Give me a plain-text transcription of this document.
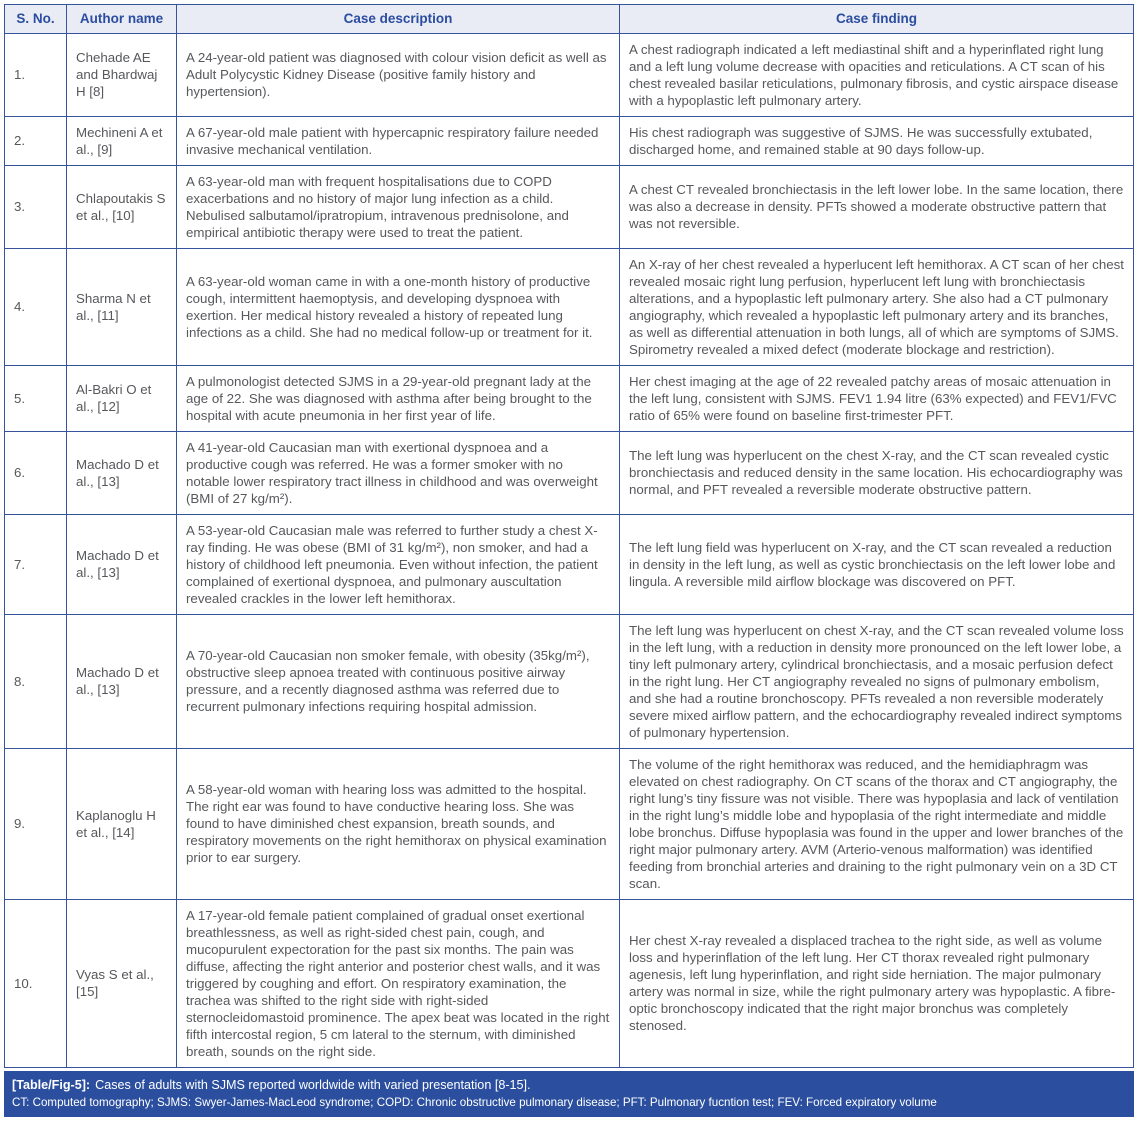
S. No.	Author name	Case description	Case finding
1.	Chehade AE and Bhardwaj H [8]	A 24-year-old patient was diagnosed with colour vision deficit as well as Adult Polycystic Kidney Disease (positive family history and hypertension).	A chest radiograph indicated a left mediastinal shift and a hyperinflated right lung and a left lung volume decrease with opacities and reticulations. A CT scan of his chest revealed basilar reticulations, pulmonary fibrosis, and cystic airspace disease with a hypoplastic left pulmonary artery.
2.	Mechineni A et al., [9]	A 67-year-old male patient with hypercapnic respiratory failure needed invasive mechanical ventilation.	His chest radiograph was suggestive of SJMS. He was successfully extubated, discharged home, and remained stable at 90 days follow-up.
3.	Chlapoutakis S et al., [10]	A 63-year-old man with frequent hospitalisations due to COPD exacerbations and no history of major lung infection as a child. Nebulised salbutamol/ipratropium, intravenous prednisolone, and empirical antibiotic therapy were used to treat the patient.	A chest CT revealed bronchiectasis in the left lower lobe. In the same location, there was also a decrease in density. PFTs showed a moderate obstructive pattern that was not reversible.
4.	Sharma N et al., [11]	A 63-year-old woman came in with a one-month history of productive cough, intermittent haemoptysis, and developing dyspnoea with exertion. Her medical history revealed a history of repeated lung infections as a child. She had no medical follow-up or treatment for it.	An X-ray of her chest revealed a hyperlucent left hemithorax. A CT scan of her chest revealed mosaic right lung perfusion, hyperlucent left lung with bronchiectasis alterations, and a hypoplastic left pulmonary artery. She also had a CT pulmonary angiography, which revealed a hypoplastic left pulmonary artery and its branches, as well as differential attenuation in both lungs, all of which are symptoms of SJMS. Spirometry revealed a mixed defect (moderate blockage and restriction).
5.	Al-Bakri O et al., [12]	A pulmonologist detected SJMS in a 29-year-old pregnant lady at the age of 22. She was diagnosed with asthma after being brought to the hospital with acute pneumonia in her first year of life.	Her chest imaging at the age of 22 revealed patchy areas of mosaic attenuation in the left lung, consistent with SJMS. FEV1 1.94 litre (63% expected) and FEV1/FVC ratio of 65% were found on baseline first-trimester PFT.
6.	Machado D et al., [13]	A 41-year-old Caucasian man with exertional dyspnoea and a productive cough was referred. He was a former smoker with no notable lower respiratory tract illness in childhood and was overweight (BMI of 27 kg/m²).	The left lung was hyperlucent on the chest X-ray, and the CT scan revealed cystic bronchiectasis and reduced density in the same location. His echocardiography was normal, and PFT revealed a reversible moderate obstructive pattern.
7.	Machado D et al., [13]	A 53-year-old Caucasian male was referred to further study a chest X-ray finding. He was obese (BMI of 31 kg/m²), non smoker, and had a history of childhood left pneumonia. Even without infection, the patient complained of exertional dyspnoea, and pulmonary auscultation revealed crackles in the lower left hemithorax.	The left lung field was hyperlucent on X-ray, and the CT scan revealed a reduction in density in the left lung, as well as cystic bronchiectasis on the left lower lobe and lingula. A reversible mild airflow blockage was discovered on PFT.
8.	Machado D et al., [13]	A 70-year-old Caucasian non smoker female, with obesity (35kg/m²), obstructive sleep apnoea treated with continuous positive airway pressure, and a recently diagnosed asthma was referred due to recurrent pulmonary infections requiring hospital admission.	The left lung was hyperlucent on chest X-ray, and the CT scan revealed volume loss in the left lung, with a reduction in density more pronounced on the left lower lobe, a tiny left pulmonary artery, cylindrical bronchiectasis, and a mosaic perfusion defect in the right lung. Her CT angiography revealed no signs of pulmonary embolism, and she had a routine bronchoscopy. PFTs revealed a non reversible moderately severe mixed airflow pattern, and the echocardiography revealed indirect symptoms of pulmonary hypertension.
9.	Kaplanoglu H et al., [14]	A 58-year-old woman with hearing loss was admitted to the hospital. The right ear was found to have conductive hearing loss. She was found to have diminished chest expansion, breath sounds, and respiratory movements on the right hemithorax on physical examination prior to ear surgery.	The volume of the right hemithorax was reduced, and the hemidiaphragm was elevated on chest radiography. On CT scans of the thorax and CT angiography, the right lung’s tiny fissure was not visible. There was hypoplasia and lack of ventilation in the right lung’s middle lobe and hypoplasia of the right intermediate and middle lobe bronchus. Diffuse hypoplasia was found in the upper and lower branches of the right major pulmonary artery. AVM (Arterio-venous malformation) was identified feeding from bronchial arteries and draining to the right pulmonary vein on a 3D CT scan.
10.	Vyas S et al., [15]	A 17-year-old female patient complained of gradual onset exertional breathlessness, as well as right-sided chest pain, cough, and mucopurulent expectoration for the past six months. The pain was diffuse, affecting the right anterior and posterior chest walls, and it was triggered by coughing and effort. On respiratory examination, the trachea was shifted to the right side with right-sided sternocleidomastoid prominence. The apex beat was located in the right fifth intercostal region, 5 cm lateral to the sternum, with diminished breath, sounds on the right side.	Her chest X-ray revealed a displaced trachea to the right side, as well as volume loss and hyperinflation of the left lung. Her CT thorax revealed right pulmonary agenesis, left lung hyperinflation, and right side herniation. The major pulmonary artery was normal in size, while the right pulmonary artery was hypoplastic. A fibre-optic bronchoscopy indicated that the right major bronchus was completely stenosed.
[Table/Fig-5]: Cases of adults with SJMS reported worldwide with varied presentation [8-15].
CT: Computed tomography; SJMS: Swyer-James-MacLeod syndrome; COPD: Chronic obstructive pulmonary disease; PFT: Pulmonary fucntion test; FEV: Forced expiratory volume
